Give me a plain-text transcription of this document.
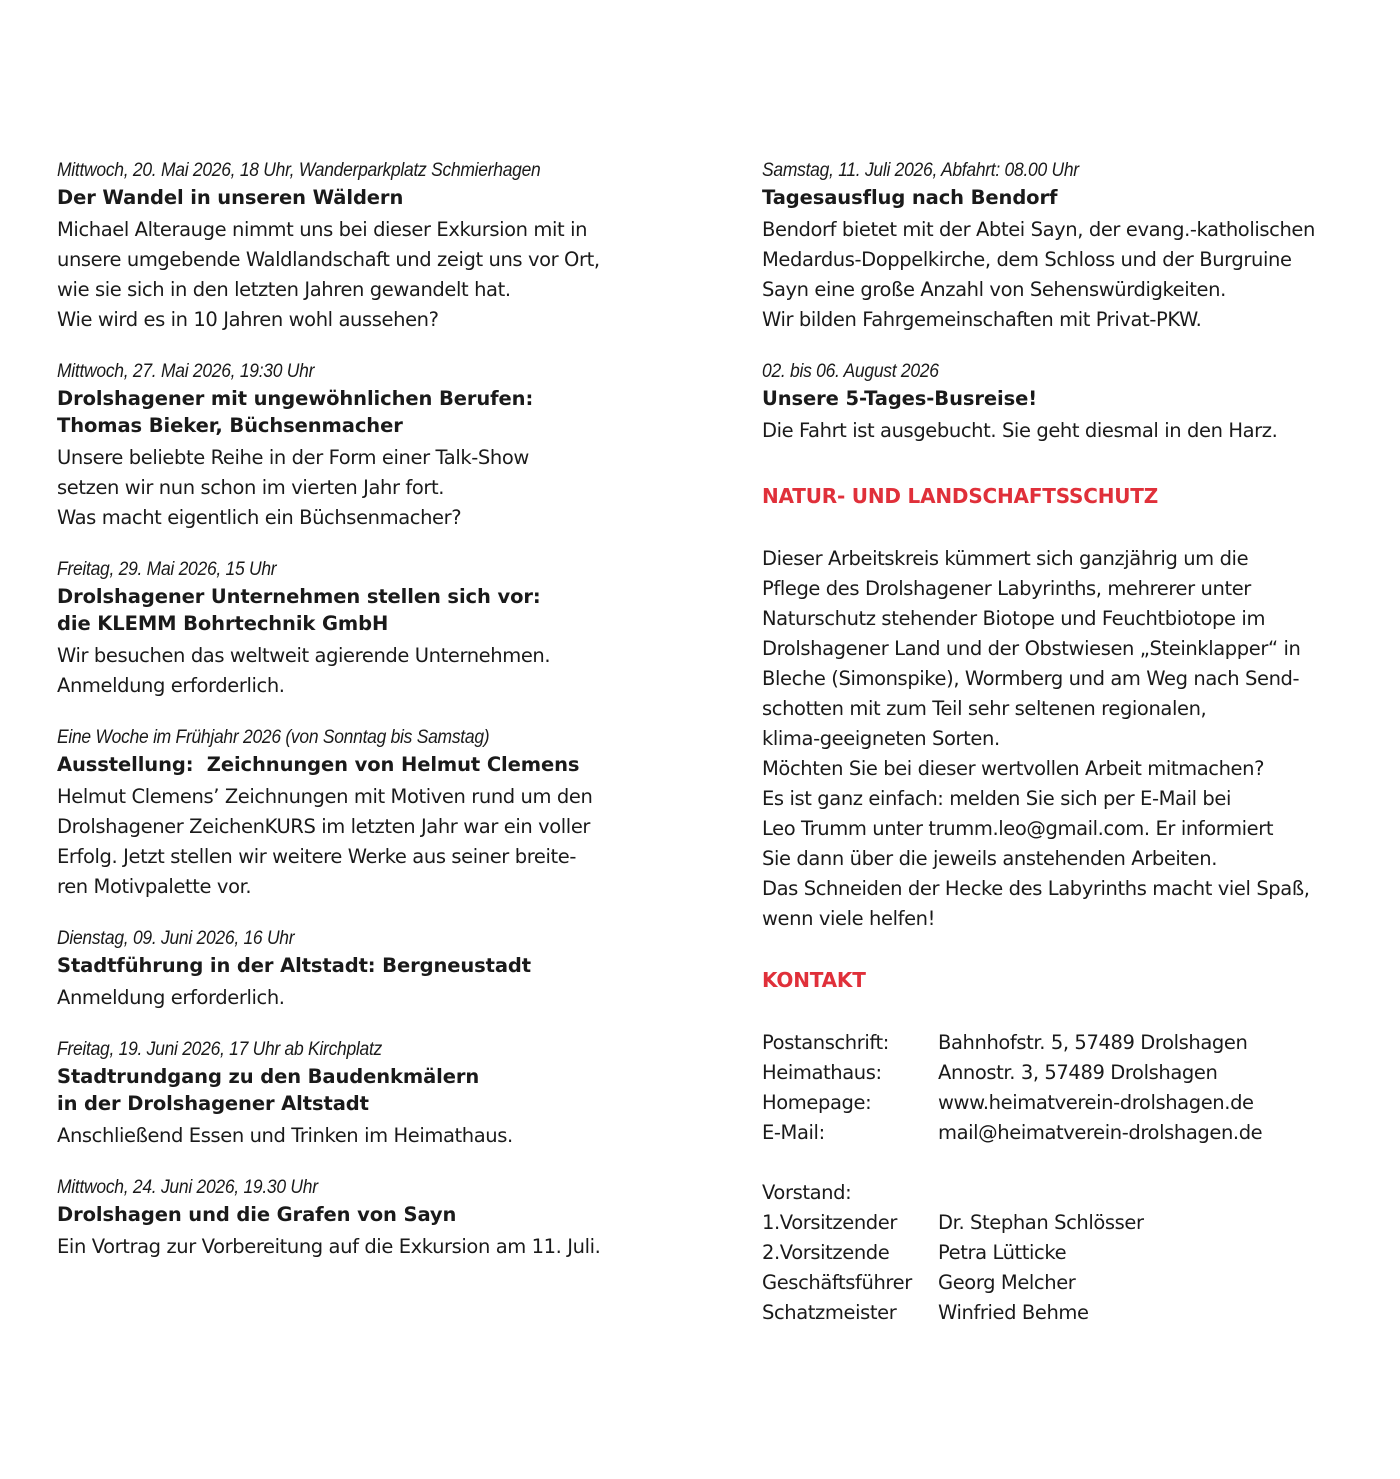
Mittwoch, 20. Mai 2026, 18 Uhr, Wanderparkplatz Schmierhagen
Der Wandel in unseren Wäldern
Michael Alterauge nimmt uns bei dieser Exkursion mit in
unsere umgebende Waldlandschaft und zeigt uns vor Ort,
wie sie sich in den letzten Jahren gewandelt hat.
Wie wird es in 10 Jahren wohl aussehen?
Mittwoch, 27. Mai 2026, 19:30 Uhr
Drolshagener mit ungewöhnlichen Berufen:
Thomas Bieker, Büchsenmacher
Unsere beliebte Reihe in der Form einer Talk-Show
setzen wir nun schon im vierten Jahr fort.
Was macht eigentlich ein Büchsenmacher?
Freitag, 29. Mai 2026, 15 Uhr
Drolshagener Unternehmen stellen sich vor:
die KLEMM Bohrtechnik GmbH
Wir besuchen das weltweit agierende Unternehmen.
Anmeldung erforderlich.
Eine Woche im Frühjahr 2026 (von Sonntag bis Samstag)
Ausstellung:  Zeichnungen von Helmut Clemens
Helmut Clemens’ Zeichnungen mit Motiven rund um den
Drolshagener ZeichenKURS im letzten Jahr war ein voller
Erfolg. Jetzt stellen wir weitere Werke aus seiner breite-
ren Motivpalette vor.
Dienstag, 09. Juni 2026, 16 Uhr
Stadtführung in der Altstadt: Bergneustadt
Anmeldung erforderlich.
Freitag, 19. Juni 2026, 17 Uhr ab Kirchplatz
Stadtrundgang zu den Baudenkmälern
in der Drolshagener Altstadt
Anschließend Essen und Trinken im Heimathaus.
Mittwoch, 24. Juni 2026, 19.30 Uhr
Drolshagen und die Grafen von Sayn
Ein Vortrag zur Vorbereitung auf die Exkursion am 11. Juli.
Samstag, 11. Juli 2026, Abfahrt: 08.00 Uhr
Tagesausflug nach Bendorf
Bendorf bietet mit der Abtei Sayn, der evang.-katholischen
Medardus-Doppelkirche, dem Schloss und der Burgruine
Sayn eine große Anzahl von Sehenswürdigkeiten.
Wir bilden Fahrgemeinschaften mit Privat-PKW.
02. bis 06. August 2026
Unsere 5-Tages-Busreise!
Die Fahrt ist ausgebucht. Sie geht diesmal in den Harz.
NATUR- UND LANDSCHAFTSSCHUTZ
Dieser Arbeitskreis kümmert sich ganzjährig um die
Pflege des Drolshagener Labyrinths, mehrerer unter
Naturschutz stehender Biotope und Feuchtbiotope im
Drolshagener Land und der Obstwiesen „Steinklapper“ in
Bleche (Simonspike), Wormberg und am Weg nach Send-
schotten mit zum Teil sehr seltenen regionalen,
klima-geeigneten Sorten.
Möchten Sie bei dieser wertvollen Arbeit mitmachen?
Es ist ganz einfach: melden Sie sich per E-Mail bei
Leo Trumm unter trumm.leo@gmail.com. Er informiert
Sie dann über die jeweils anstehenden Arbeiten.
Das Schneiden der Hecke des Labyrinths macht viel Spaß,
wenn viele helfen!
KONTAKT
Postanschrift:	Bahnhofstr. 5, 57489 Drolshagen
Heimathaus:	Annostr. 3, 57489 Drolshagen
Homepage:	www.heimatverein-drolshagen.de
E-Mail:	mail@heimatverein-drolshagen.de
Vorstand:
1.Vorsitzender	Dr. Stephan Schlösser
2.Vorsitzende	Petra Lütticke
Geschäftsführer	Georg Melcher
Schatzmeister	Winfried Behme
